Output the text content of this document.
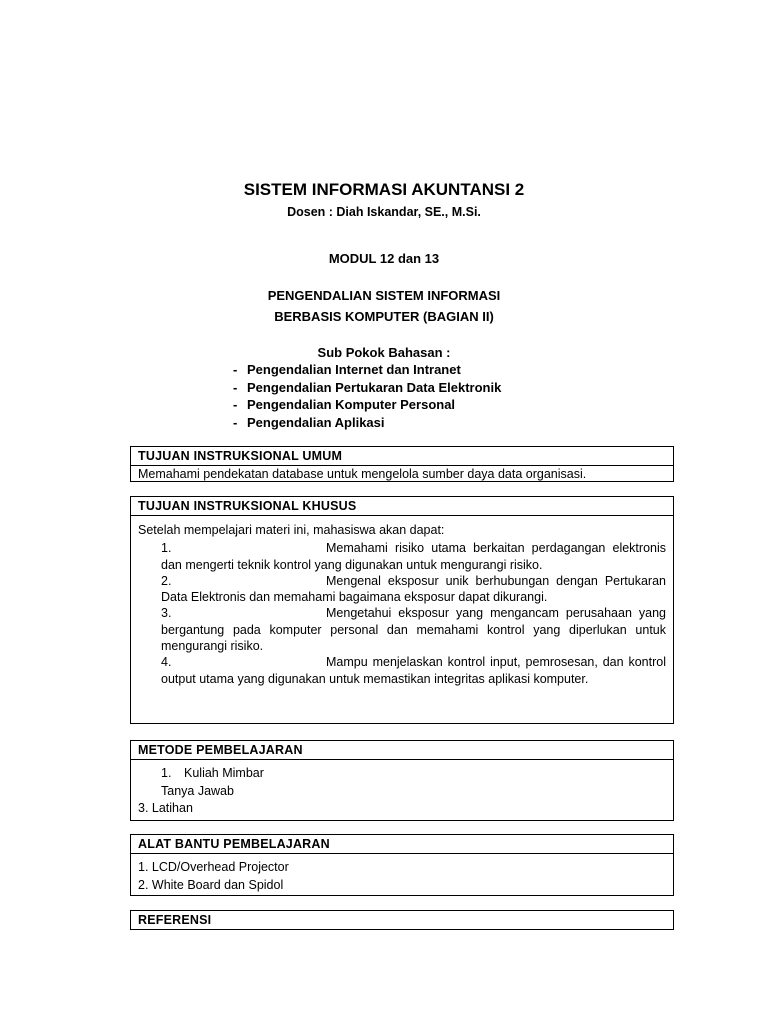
SISTEM INFORMASI AKUNTANSI 2
Dosen : Diah Iskandar, SE., M.Si.
MODUL 12 dan 13
PENGENDALIAN SISTEM INFORMASI
BERBASIS KOMPUTER (BAGIAN II)
Sub Pokok Bahasan :
- Pengendalian Internet dan Intranet
- Pengendalian Pertukaran Data Elektronik
- Pengendalian Komputer Personal
- Pengendalian Aplikasi
TUJUAN INSTRUKSIONAL UMUM
Memahami pendekatan database untuk mengelola sumber daya data organisasi.
TUJUAN INSTRUKSIONAL KHUSUS
Setelah mempelajari materi ini, mahasiswa akan dapat:
1.	Memahami risiko utama berkaitan perdagangan elektronis dan mengerti teknik kontrol yang digunakan untuk mengurangi risiko.
2.	Mengenal eksposur unik berhubungan dengan Pertukaran Data Elektronis dan memahami bagaimana eksposur dapat dikurangi.
3.	Mengetahui eksposur yang mengancam perusahaan yang bergantung pada komputer personal dan memahami kontrol yang diperlukan untuk mengurangi risiko.
4.	Mampu menjelaskan kontrol input, pemrosesan, dan kontrol output utama yang digunakan untuk memastikan integritas aplikasi komputer.
METODE PEMBELAJARAN
1. Kuliah Mimbar
Tanya Jawab
3. Latihan
ALAT BANTU PEMBELAJARAN
1. LCD/Overhead Projector
2. White Board dan Spidol
REFERENSI
